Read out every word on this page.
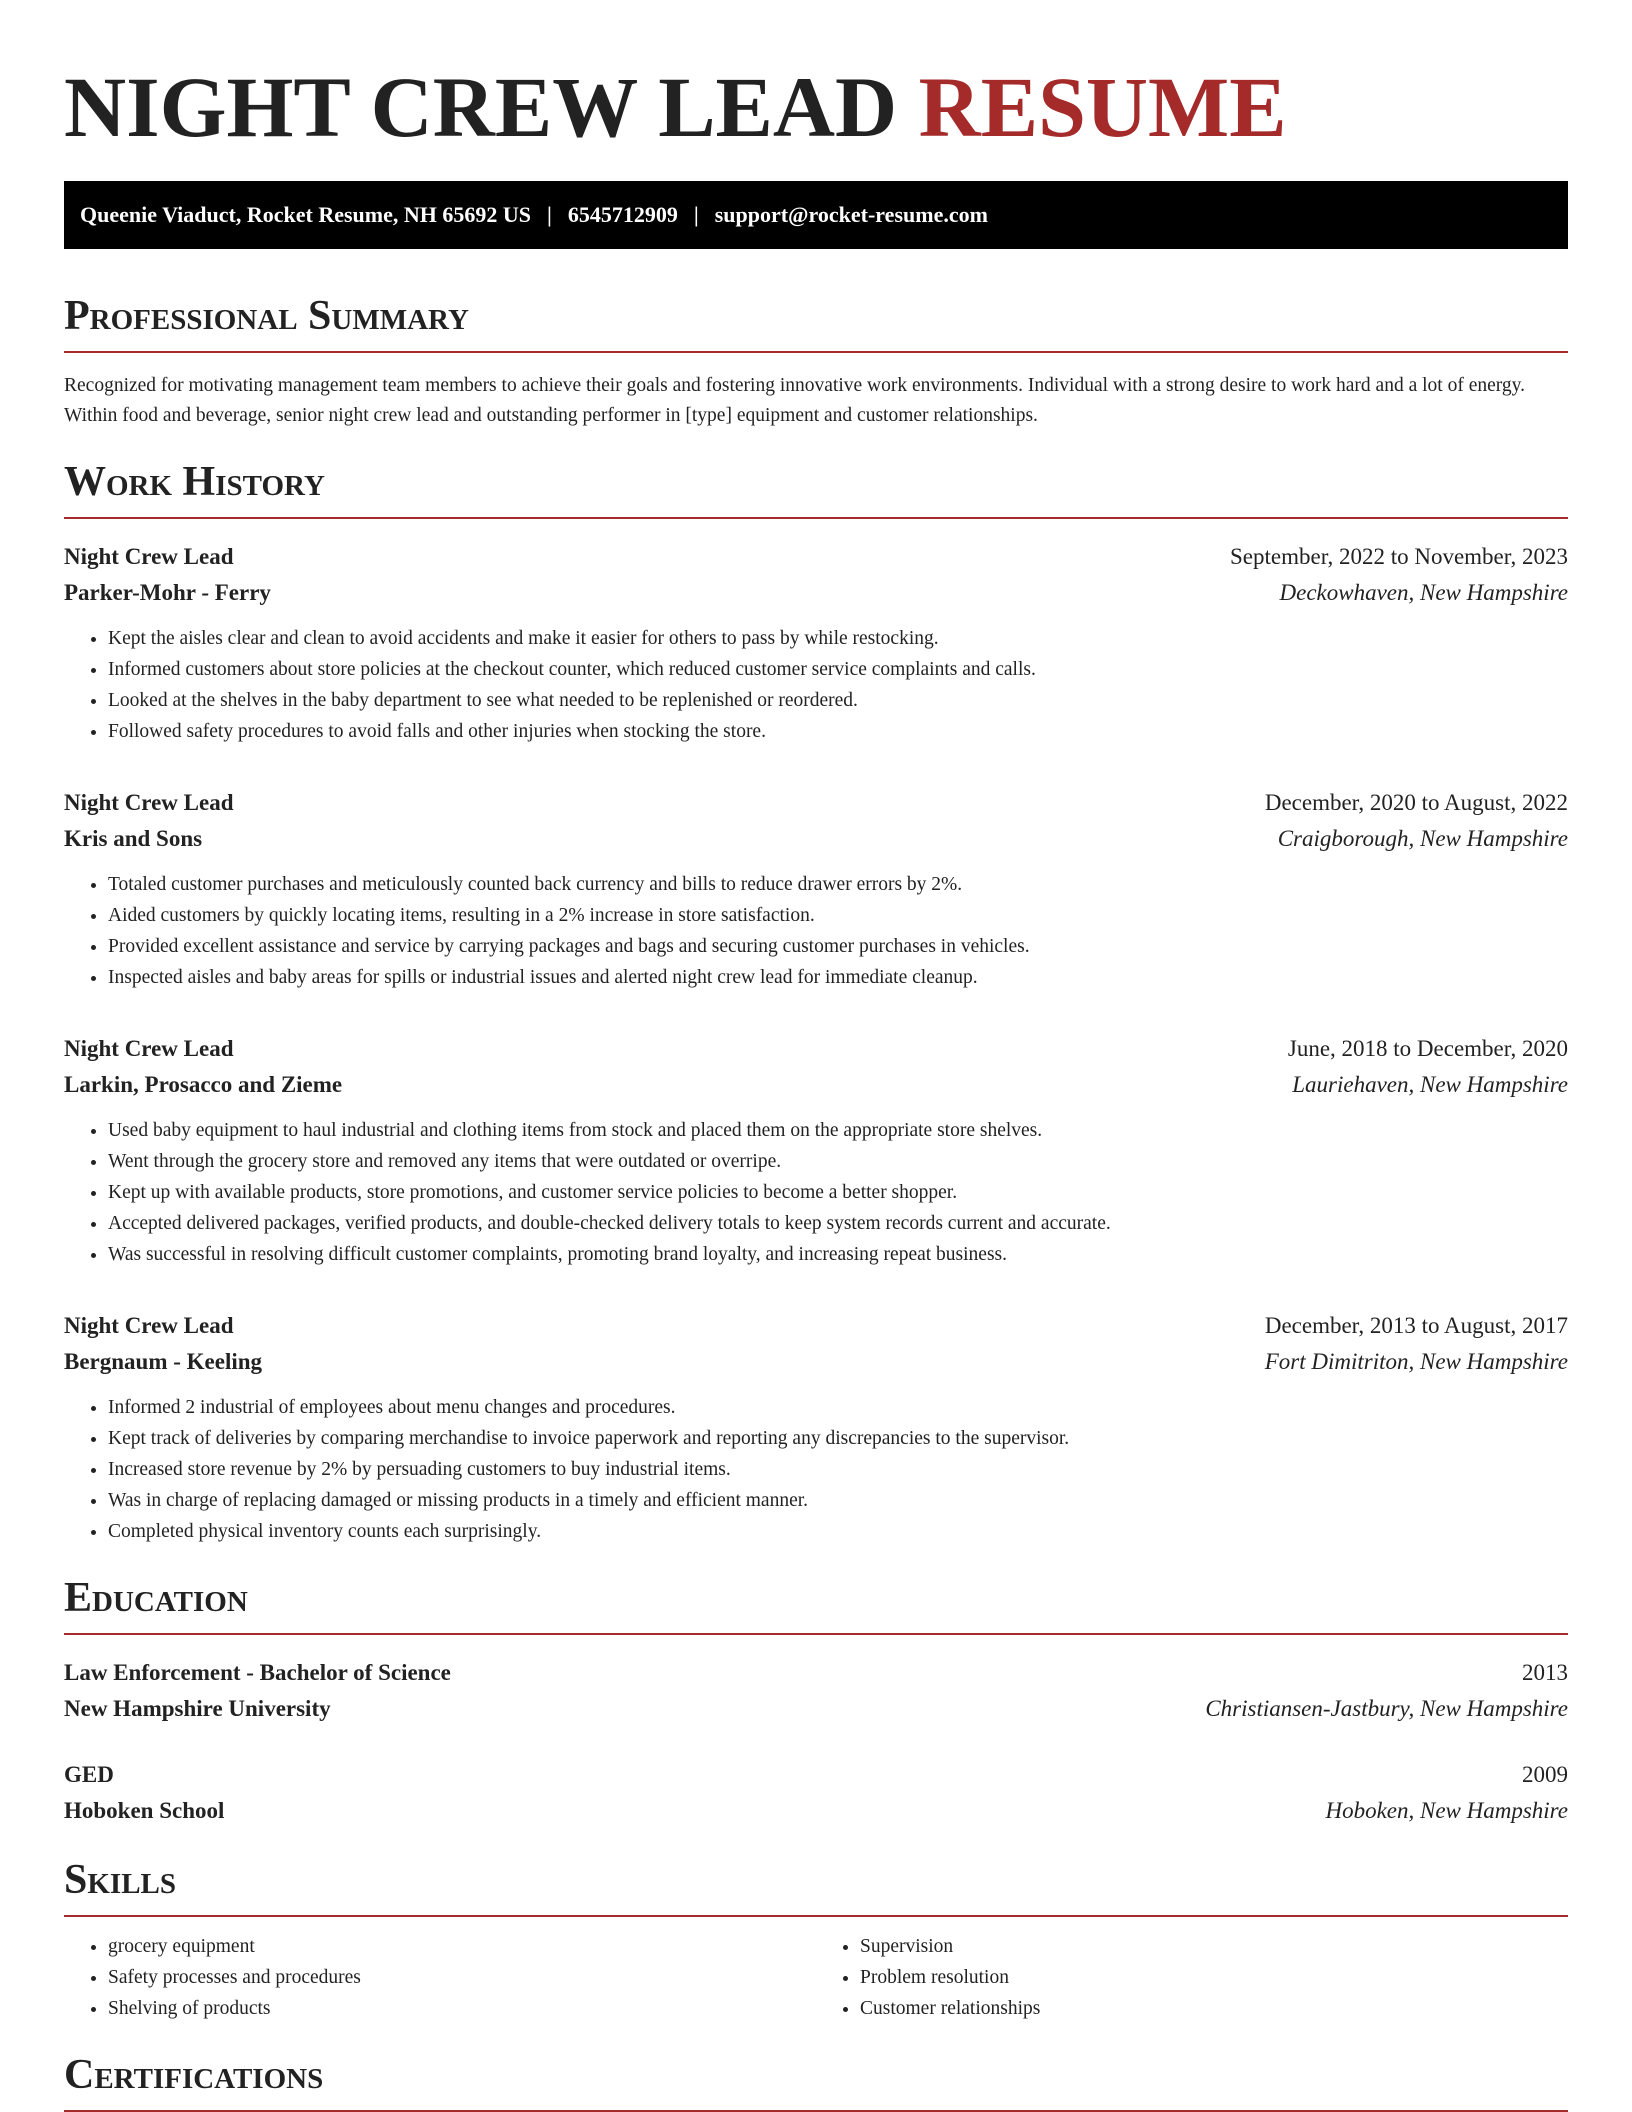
NIGHT CREW LEAD RESUME
Queenie Viaduct, Rocket Resume, NH 65692 US | 6545712909 | support@rocket-resume.com
Professional Summary
Recognized for motivating management team members to achieve their goals and fostering innovative work environments. Individual with a strong desire to work hard and a lot of energy. Within food and beverage, senior night crew lead and outstanding performer in [type] equipment and customer relationships.
Work History
Night Crew Lead	September, 2022 to November, 2023
Parker-Mohr - Ferry	Deckowhaven, New Hampshire
• Kept the aisles clear and clean to avoid accidents and make it easier for others to pass by while restocking.
• Informed customers about store policies at the checkout counter, which reduced customer service complaints and calls.
• Looked at the shelves in the baby department to see what needed to be replenished or reordered.
• Followed safety procedures to avoid falls and other injuries when stocking the store.
Night Crew Lead	December, 2020 to August, 2022
Kris and Sons	Craigborough, New Hampshire
• Totaled customer purchases and meticulously counted back currency and bills to reduce drawer errors by 2%.
• Aided customers by quickly locating items, resulting in a 2% increase in store satisfaction.
• Provided excellent assistance and service by carrying packages and bags and securing customer purchases in vehicles.
• Inspected aisles and baby areas for spills or industrial issues and alerted night crew lead for immediate cleanup.
Night Crew Lead	June, 2018 to December, 2020
Larkin, Prosacco and Zieme	Lauriehaven, New Hampshire
• Used baby equipment to haul industrial and clothing items from stock and placed them on the appropriate store shelves.
• Went through the grocery store and removed any items that were outdated or overripe.
• Kept up with available products, store promotions, and customer service policies to become a better shopper.
• Accepted delivered packages, verified products, and double-checked delivery totals to keep system records current and accurate.
• Was successful in resolving difficult customer complaints, promoting brand loyalty, and increasing repeat business.
Night Crew Lead	December, 2013 to August, 2017
Bergnaum - Keeling	Fort Dimitriton, New Hampshire
• Informed 2 industrial of employees about menu changes and procedures.
• Kept track of deliveries by comparing merchandise to invoice paperwork and reporting any discrepancies to the supervisor.
• Increased store revenue by 2% by persuading customers to buy industrial items.
• Was in charge of replacing damaged or missing products in a timely and efficient manner.
• Completed physical inventory counts each surprisingly.
Education
Law Enforcement - Bachelor of Science	2013
New Hampshire University	Christiansen-Jastbury, New Hampshire
GED	2009
Hoboken School	Hoboken, New Hampshire
Skills
• grocery equipment
• Safety processes and procedures
• Shelving of products
• Supervision
• Problem resolution
• Customer relationships
Certifications
